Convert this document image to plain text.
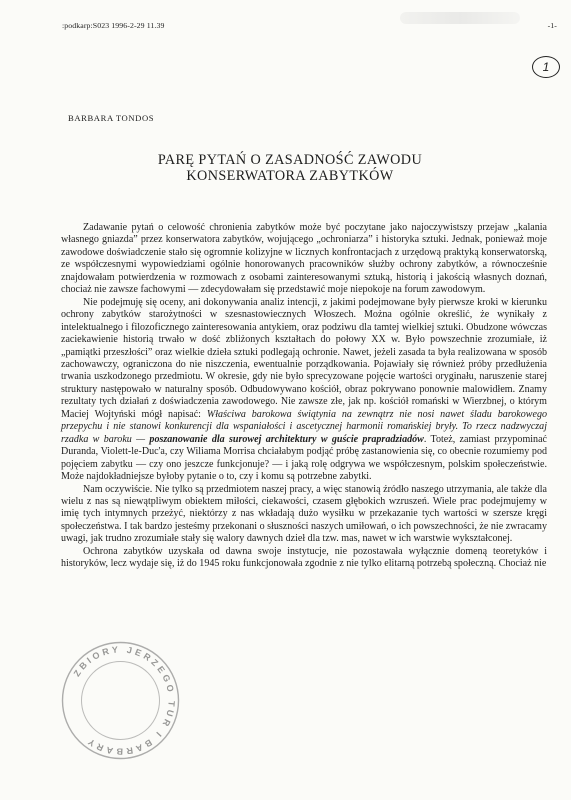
:podkarp:S023 1996-2-29 11.39	-1-
1
BARBARA TONDOS
PARĘ PYTAŃ O ZASADNOŚĆ ZAWODU
KONSERWATORA ZABYTKÓW

Zadawanie pytań o celowość chronienia zabytków może być poczytane jako najoczywistszy przejaw „kalania własnego gniazda” przez konserwatora zabytków, wojującego „ochroniarza” i historyka sztuki. Jednak, ponieważ moje zawodowe doświadczenie stało się ogromnie kolizyjne w licznych konfrontacjach z urzędową praktyką konserwatorską, ze współczesnymi wypowiedziami ogólnie honorowanych pracowników służby ochrony zabytków, a równocześnie znajdowałam potwierdzenia w rozmowach z osobami zainteresowanymi sztuką, historią i jakością własnych doznań, chociaż nie zawsze fachowymi — zdecydowałam się przedstawić moje niepokoje na forum zawodowym.

Nie podejmuję się oceny, ani dokonywania analiz intencji, z jakimi podejmowane były pierwsze kroki w kierunku ochrony zabytków starożytności w szesnastowiecznych Włoszech. Można ogólnie określić, że wynikały z intelektualnego i filozoficznego zainteresowania antykiem, oraz podziwu dla tamtej wielkiej sztuki. Obudzone wówczas zaciekawienie historią trwało w dość zbliżonych kształtach do połowy XX w. Było powszechnie zrozumiałe, iż „pamiątki przeszłości” oraz wielkie dzieła sztuki podlegają ochronie. Nawet, jeżeli zasada ta była realizowana w sposób zachowawczy, ograniczona do nie niszczenia, ewentualnie porządkowania. Pojawiały się również próby przedłużenia trwania uszkodzonego przedmiotu. W okresie, gdy nie było sprecyzowane pojęcie wartości oryginału, naruszenie starej struktury następowało w naturalny sposób. Odbudowywano kościół, obraz pokrywano ponownie malowidłem. Znamy rezultaty tych działań z doświadczenia zawodowego. Nie zawsze złe, jak np. kościół romański w Wierzbnej, o którym Maciej Wojtyński mógł napisać: Właściwa barokowa świątynia na zewnątrz nie nosi nawet śladu barokowego przepychu i nie stanowi konkurencji dla wspaniałości i ascetycznej harmonii romańskiej bryły. To rzecz nadzwyczaj rzadka w baroku — poszanowanie dla surowej architektury w guście prapradziadów. Toteż, zamiast przypominać Duranda, Violett-le-Duc'a, czy Wiliama Morrisa chciałabym podjąć próbę zastanowienia się, co obecnie rozumiemy pod pojęciem zabytku — czy ono jeszcze funkcjonuje? — i jaką rolę odgrywa we współczesnym, polskim społeczeństwie. Może najdokładniejsze byłoby pytanie o to, czy i komu są potrzebne zabytki.

Nam oczywiście. Nie tylko są przedmiotem naszej pracy, a więc stanowią źródło naszego utrzymania, ale także dla wielu z nas są niewątpliwym obiektem miłości, ciekawości, czasem głębokich wzruszeń. Wiele prac podejmujemy w imię tych intymnych przeżyć, niektórzy z nas wkładają dużo wysiłku w przekazanie tych wartości w szersze kręgi społeczeństwa. I tak bardzo jesteśmy przekonani o słuszności naszych umiłowań, o ich powszechności, że nie zwracamy uwagi, jak trudno zrozumiałe stały się walory dawnych dzieł dla tzw. mas, nawet w ich warstwie wykształconej.

Ochrona zabytków uzyskała od dawna swoje instytucje, nie pozostawała wyłącznie domeną teoretyków i historyków, lecz wydaje się, iż do 1945 roku funkcjonowała zgodnie z nie tylko elitarną potrzebą społeczną. Chociaż nie

ZBIORY JERZEGO TUR I BARBARY
